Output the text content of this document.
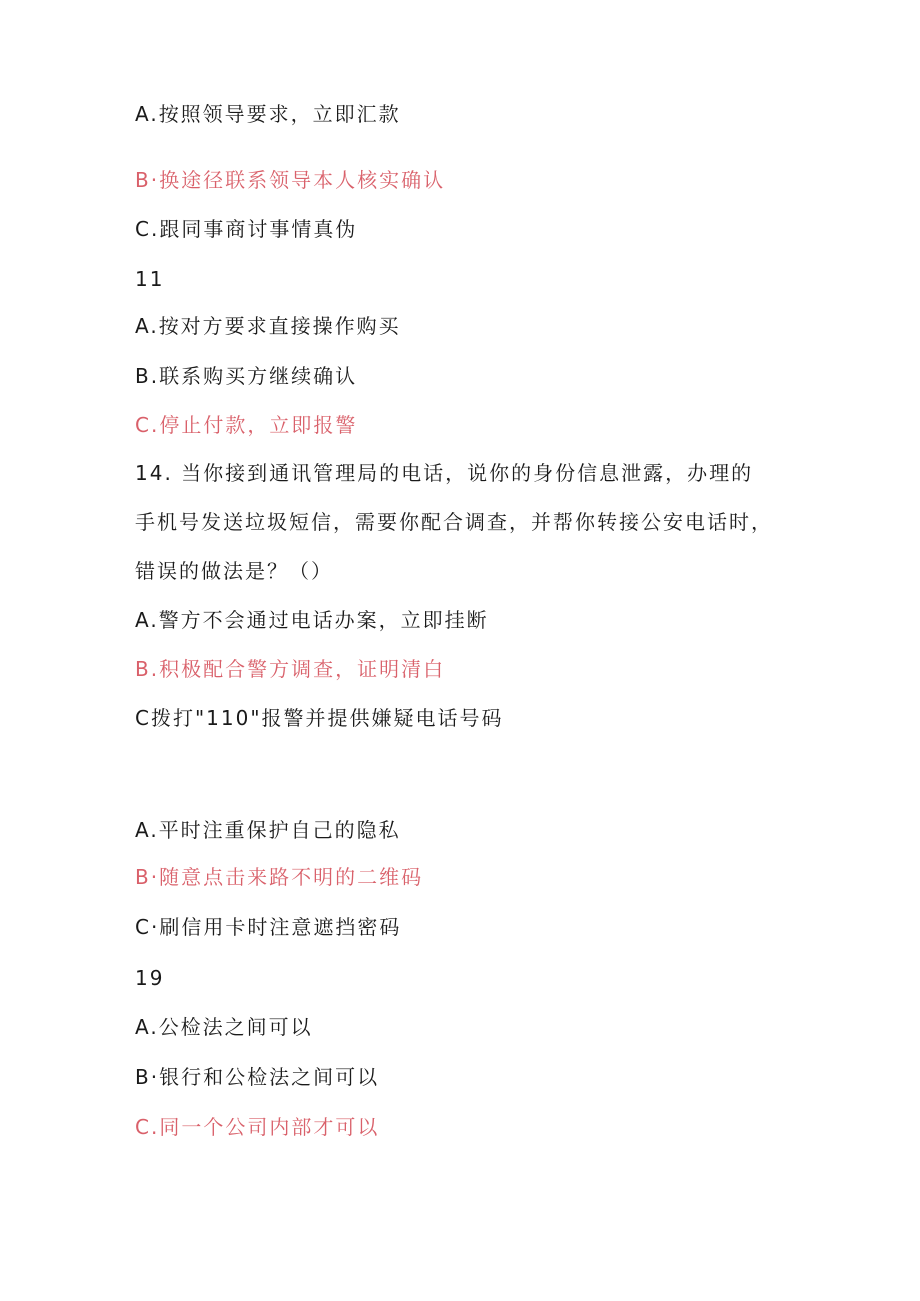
A.按照领导要求，立即汇款

B·换途径联系领导本人核实确认

C.跟同事商讨事情真伪

11

A.按对方要求直接操作购买

B.联系购买方继续确认

C.停止付款，立即报警

14. 当你接到通讯管理局的电话，说你的身份信息泄露，办理的

手机号发送垃圾短信，需要你配合调查，并帮你转接公安电话时，

错误的做法是？（）

A.警方不会通过电话办案，立即挂断

B.积极配合警方调查，证明清白

C拨打"110"报警并提供嫌疑电话号码

A.平时注重保护自己的隐私

B·随意点击来路不明的二维码

C·刷信用卡时注意遮挡密码

19

A.公检法之间可以

B·银行和公检法之间可以

C.同一个公司内部才可以
